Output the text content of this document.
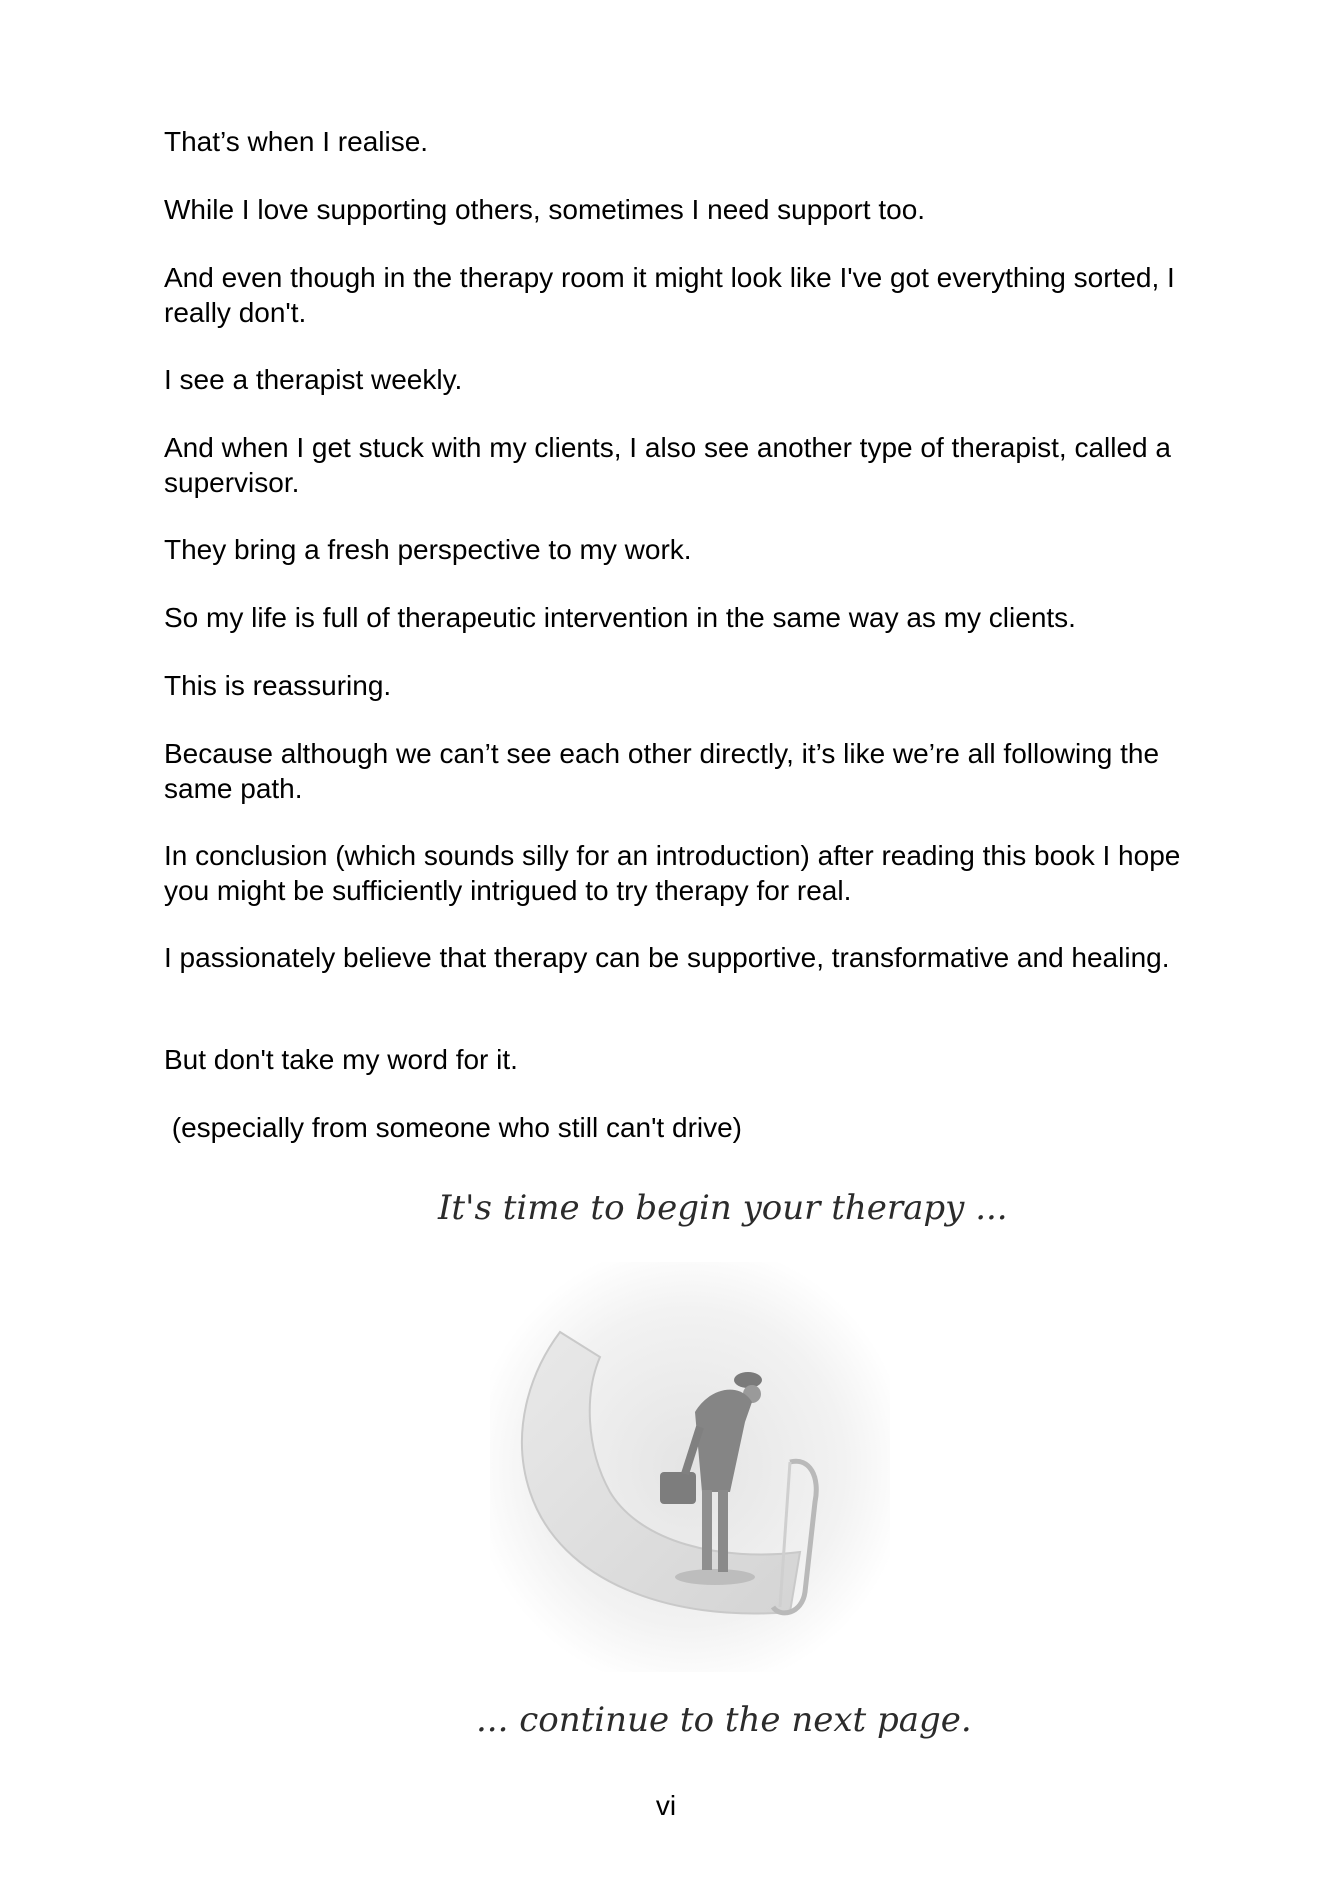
That’s when I realise.

While I love supporting others, sometimes I need support too.

And even though in the therapy room it might look like I've got everything sorted, I really don't.

I see a therapist weekly.

And when I get stuck with my clients, I also see another type of therapist, called a supervisor.

They bring a fresh perspective to my work.

So my life is full of therapeutic intervention in the same way as my clients.

This is reassuring.

Because although we can’t see each other directly, it’s like we’re all following the same path.

In conclusion (which sounds silly for an introduction) after reading this book I hope you might be sufficiently intrigued to try therapy for real.

I passionately believe that therapy can be supportive, transformative and healing.

But don't take my word for it.

(especially from someone who still can't drive)

It's time to begin your therapy ...

... continue to the next page.

vi
